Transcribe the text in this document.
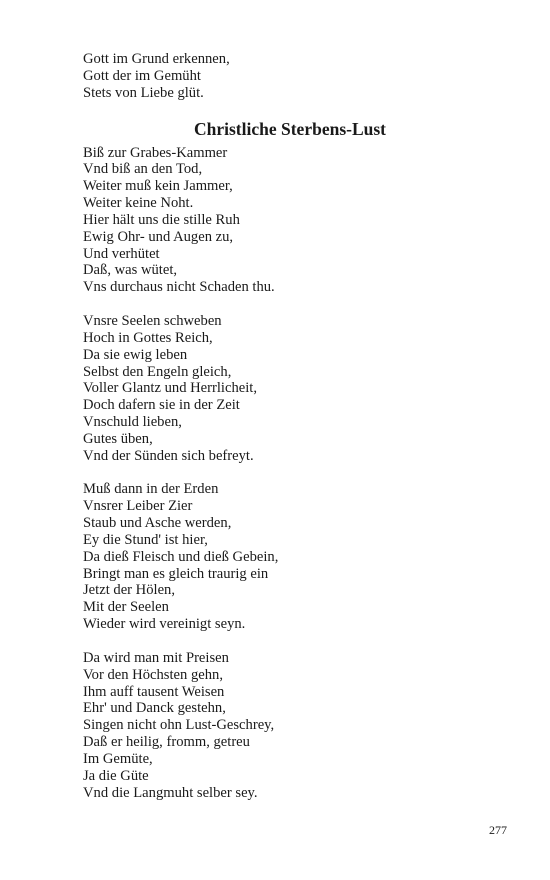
Gott im Grund erkennen,
Gott der im Gemüht
Stets von Liebe glüt.
Christliche Sterbens-Lust
Biß zur Grabes-Kammer
Vnd biß an den Tod,
Weiter muß kein Jammer,
Weiter keine Noht.
Hier hält uns die stille Ruh
Ewig Ohr- und Augen zu,
Und verhütet
Daß, was wütet,
Vns durchaus nicht Schaden thu.
Vnsre Seelen schweben
Hoch in Gottes Reich,
Da sie ewig leben
Selbst den Engeln gleich,
Voller Glantz und Herrlicheit,
Doch dafern sie in der Zeit
Vnschuld lieben,
Gutes üben,
Vnd der Sünden sich befreyt.
Muß dann in der Erden
Vnsrer Leiber Zier
Staub und Asche werden,
Ey die Stund' ist hier,
Da dieß Fleisch und dieß Gebein,
Bringt man es gleich traurig ein
Jetzt der Hölen,
Mit der Seelen
Wieder wird vereinigt seyn.
Da wird man mit Preisen
Vor den Höchsten gehn,
Ihm auff tausent Weisen
Ehr' und Danck gestehn,
Singen nicht ohn Lust-Geschrey,
Daß er heilig, fromm, getreu
Im Gemüte,
Ja die Güte
Vnd die Langmuht selber sey.
277
